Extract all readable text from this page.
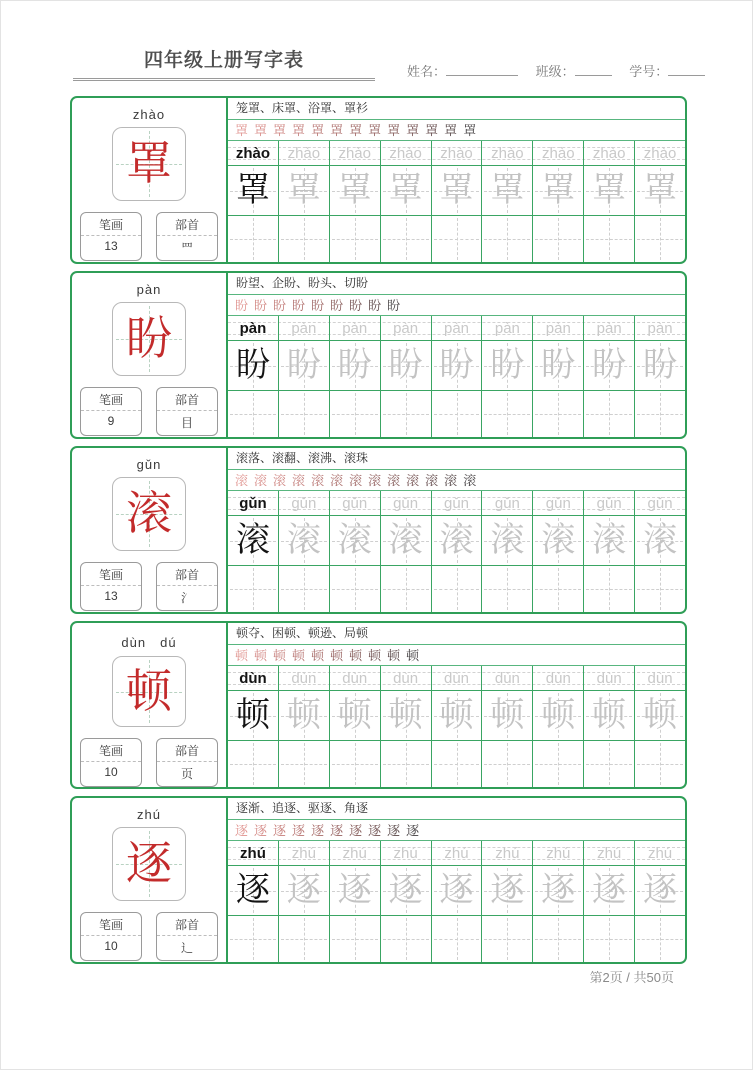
四年级上册写字表
姓名：	班级：	学号：
zhào
罩
笔画
13
部首
罒
笼罩、床罩、浴罩、罩衫
罩 罩 罩 罩 罩 罩 罩 罩 罩 罩 罩 罩 罩
zhào	zhào	zhào	zhào	zhào	zhào	zhào	zhào	zhào
罩 罩 罩 罩 罩 罩 罩 罩 罩
pàn
盼
笔画
9
部首
目
盼望、企盼、盼头、切盼
盼 盼 盼 盼 盼 盼 盼 盼 盼
pàn	pàn	pàn	pàn	pàn	pàn	pàn	pàn	pàn
盼 盼 盼 盼 盼 盼 盼 盼 盼
gǔn
滚
笔画
13
部首
氵
滚落、滚翻、滚沸、滚珠
滚 滚 滚 滚 滚 滚 滚 滚 滚 滚 滚 滚 滚
gǔn	gǔn	gǔn	gǔn	gǔn	gǔn	gǔn	gǔn	gǔn
滚 滚 滚 滚 滚 滚 滚 滚 滚
dùn　dú
顿
笔画
10
部首
页
顿夺、困顿、顿逊、局顿
顿 顿 顿 顿 顿 顿 顿 顿 顿 顿
dùn	dùn	dùn	dùn	dùn	dùn	dùn	dùn	dùn
顿 顿 顿 顿 顿 顿 顿 顿 顿
zhú
逐
笔画
10
部首
辶
逐渐、追逐、驱逐、角逐
逐 逐 逐 逐 逐 逐 逐 逐 逐 逐
zhú	zhú	zhú	zhú	zhú	zhú	zhú	zhú	zhú
逐 逐 逐 逐 逐 逐 逐 逐 逐
第2页 / 共50页
